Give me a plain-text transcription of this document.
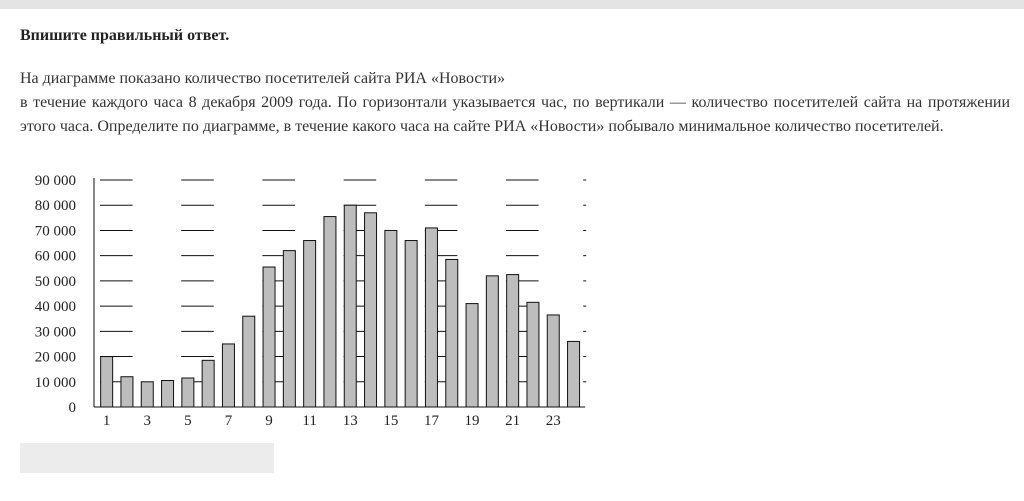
Впишите правильный ответ.
На диаграмме показано количество посетителей сайта РИА «Новости»
в течение каждого часа 8 декабря 2009 года. По горизонтали указывается час, по вертикали — количество посетителей сайта на протяжении этого часа. Определите по диаграмме, в течение какого часа на сайте РИА «Новости» побывало минимальное количество посетителей.
90 000
80 000
70 000
60 000
50 000
40 000
30 000
20 000
10 000
0
1 3 5 7 9 11 13 15 17 19 21 23
